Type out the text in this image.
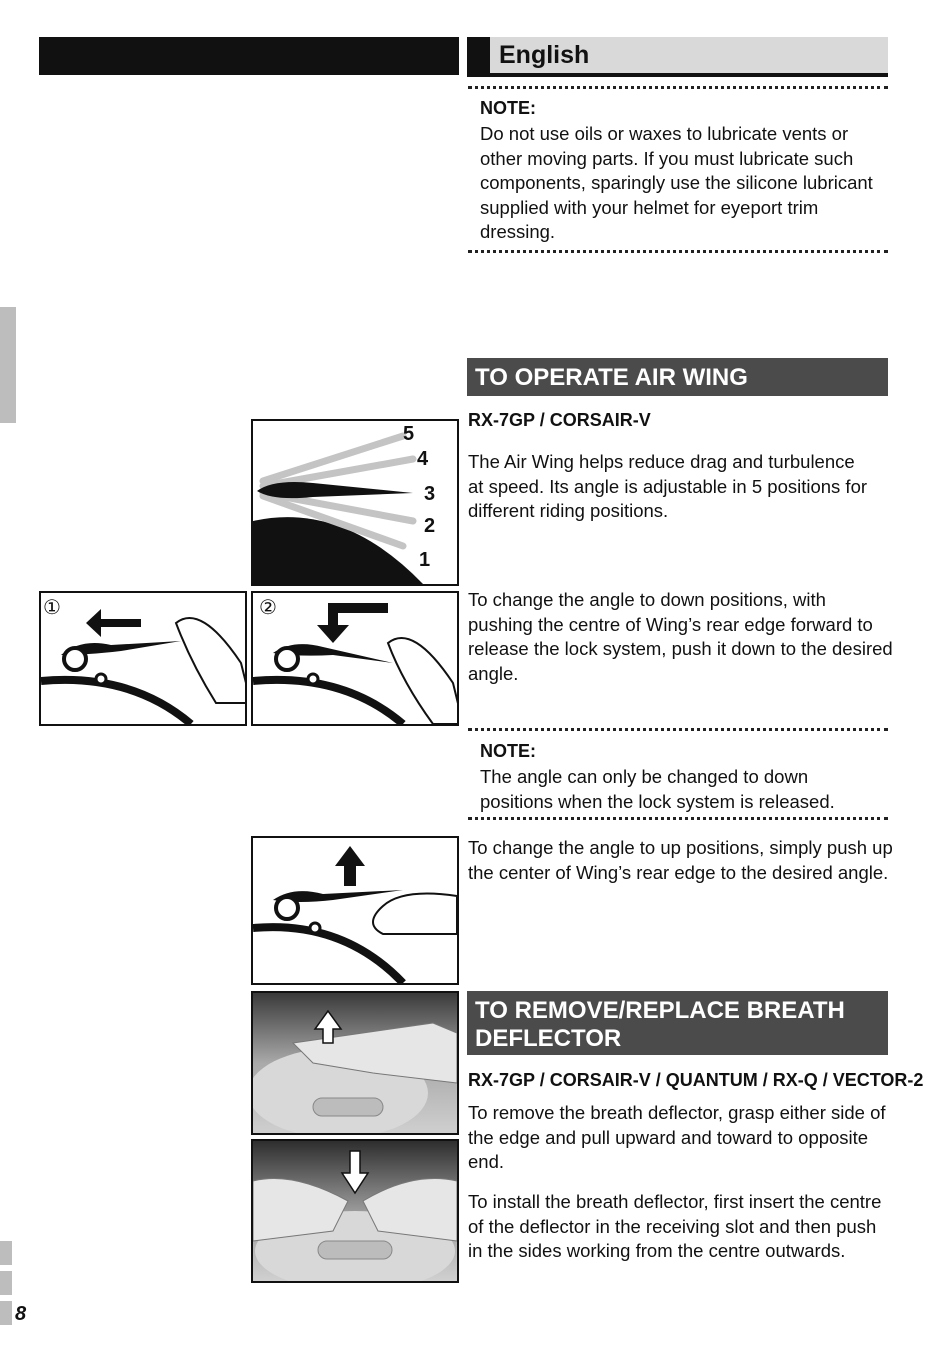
English
8
NOTE:
Do not use oils or waxes to lubricate vents or
other moving parts. If you must lubricate such
components, sparingly use the silicone lubricant
supplied with your helmet for eyeport trim
dressing.
TO OPERATE AIR WING
RX-7GP / CORSAIR-V
The Air Wing helps reduce drag and turbulence
at speed. Its angle is adjustable in 5 positions for
different riding positions.
5
4
3
2
1
①	②	To change the angle to down positions, with
pushing the centre of Wing’s rear edge forward to
release the lock system, push it down to the desired
angle.
NOTE:
The angle can only be changed to down
positions when the lock system is released.
To change the angle to up positions, simply push up
the center of Wing’s rear edge to the desired angle.
TO REMOVE/REPLACE BREATH
DEFLECTOR
RX-7GP / CORSAIR-V / QUANTUM / RX-Q / VECTOR-2
To remove the breath deflector, grasp either side of
the edge and pull upward and toward to opposite
end.
To install the breath deflector, first insert the centre
of the deflector in the receiving slot and then push
in the sides working from the centre outwards.
